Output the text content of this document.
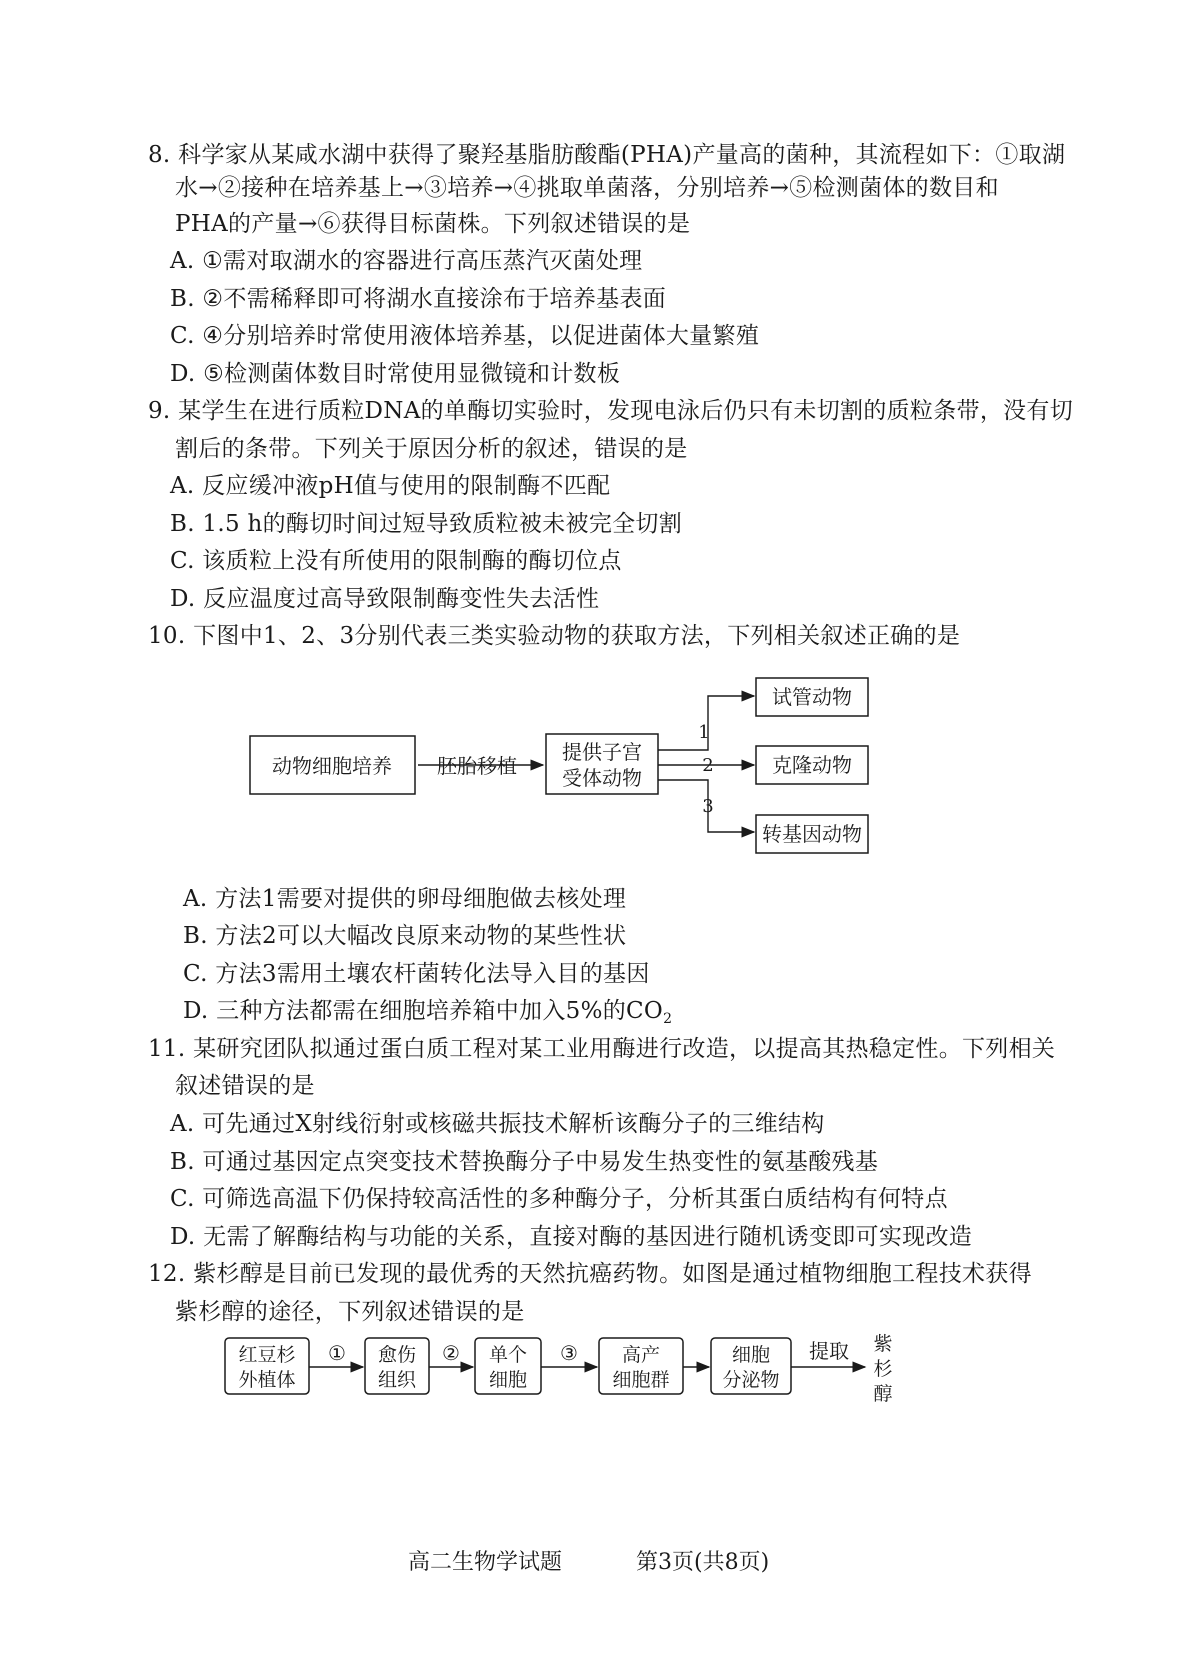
8. 科学家从某咸水湖中获得了聚羟基脂肪酸酯(PHA)产量高的菌种，其流程如下：①取湖
水→②接种在培养基上→③培养→④挑取单菌落，分别培养→⑤检测菌体的数目和
PHA的产量→⑥获得目标菌株。下列叙述错误的是
A. ①需对取湖水的容器进行高压蒸汽灭菌处理
B. ②不需稀释即可将湖水直接涂布于培养基表面
C. ④分别培养时常使用液体培养基，以促进菌体大量繁殖
D. ⑤检测菌体数目时常使用显微镜和计数板
9. 某学生在进行质粒DNA的单酶切实验时，发现电泳后仍只有未切割的质粒条带，没有切
割后的条带。下列关于原因分析的叙述，错误的是
A. 反应缓冲液pH值与使用的限制酶不匹配
B. 1.5 h的酶切时间过短导致质粒被未被完全切割
C. 该质粒上没有所使用的限制酶的酶切位点
D. 反应温度过高导致限制酶变性失去活性
10. 下图中1、2、3分别代表三类实验动物的获取方法，下列相关叙述正确的是
动物细胞培养 胚胎移植
提供子宫
受体动物
1
2
3
试管动物
克隆动物
转基因动物
A. 方法1需要对提供的卵母细胞做去核处理
B. 方法2可以大幅改良原来动物的某些性状
C. 方法3需用土壤农杆菌转化法导入目的基因
D. 三种方法都需在细胞培养箱中加入5%的$CO_2$
11. 某研究团队拟通过蛋白质工程对某工业用酶进行改造，以提高其热稳定性。下列相关
叙述错误的是
A. 可先通过X射线衍射或核磁共振技术解析该酶分子的三维结构
B. 可通过基因定点突变技术替换酶分子中易发生热变性的氨基酸残基
C. 可筛选高温下仍保持较高活性的多种酶分子，分析其蛋白质结构有何特点
D. 无需了解酶结构与功能的关系，直接对酶的基因进行随机诱变即可实现改造
12. 紫杉醇是目前已发现的最优秀的天然抗癌药物。如图是通过植物细胞工程技术获得
紫杉醇的途径，下列叙述错误的是
红豆杉
外植体
① 愈伤
组织
② 单个
细胞
③ 高产
细胞群
细胞
分泌物
提取 紫
杉
醇
高二生物学试题	第3页(共8页)
